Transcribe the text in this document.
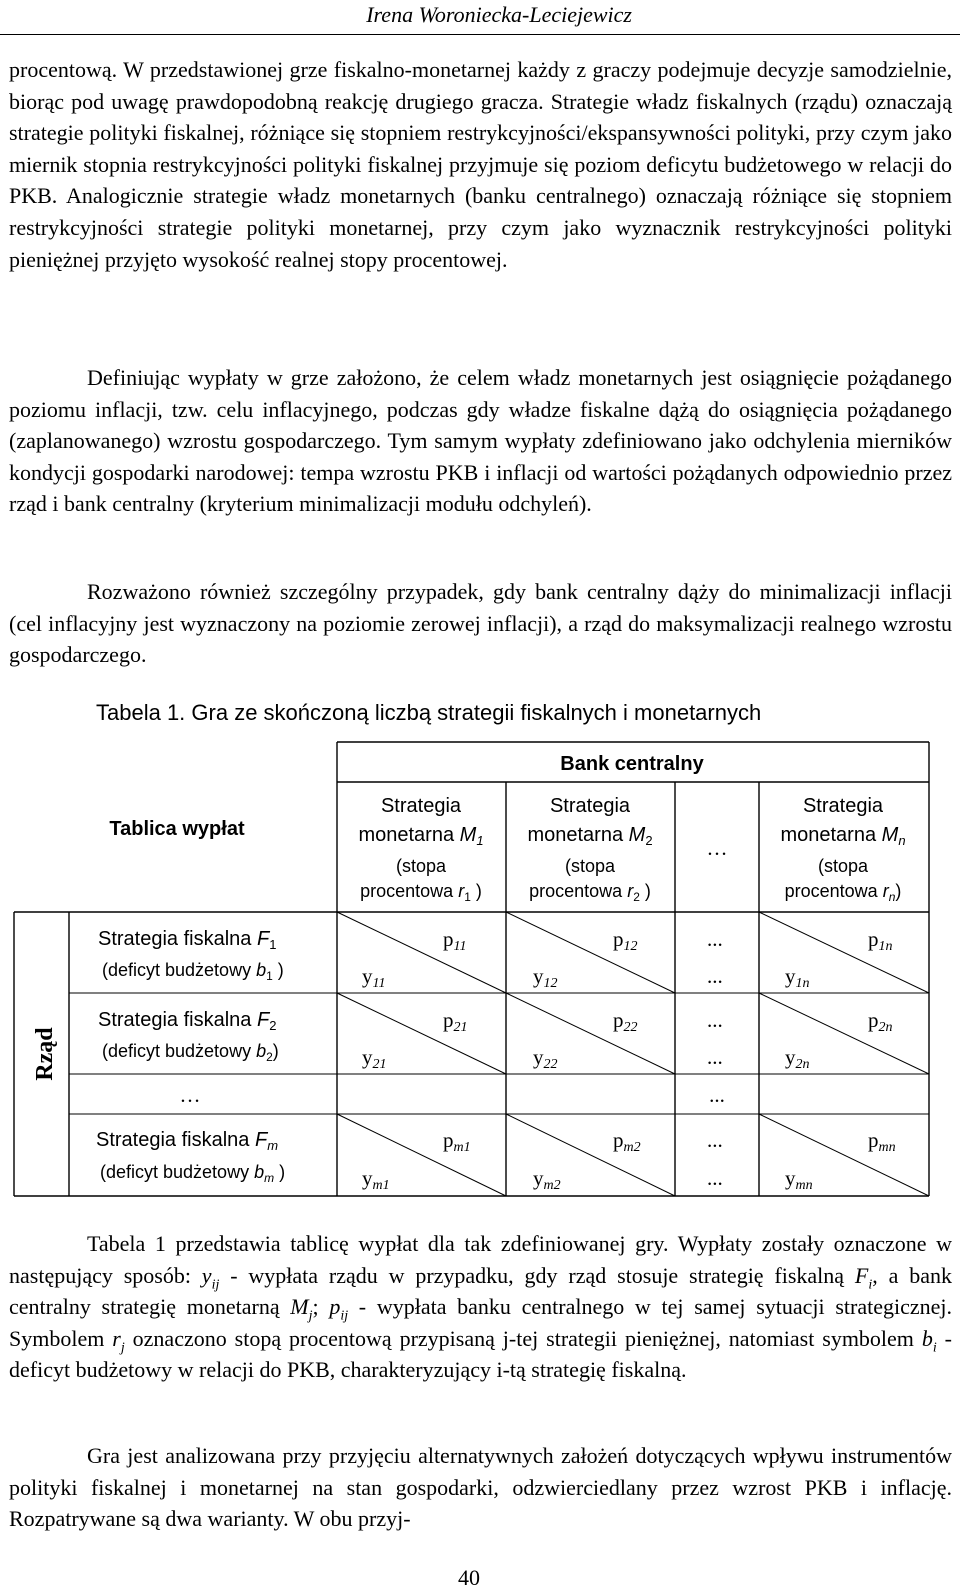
Irena Woroniecka-Leciejewicz

procentową. W przedstawionej grze fiskalno-monetarnej każdy z graczy podejmuje decyzje samodzielnie, biorąc pod uwagę prawdopodobną reakcję drugiego gracza. Strategie władz fiskalnych (rządu) oznaczają strategie polityki fiskalnej, różniące się stopniem restrykcyjności/ekspansywności polityki, przy czym jako miernik stopnia restrykcyjności polityki fiskalnej przyjmuje się poziom deficytu budżetowego w relacji do PKB. Analogicznie strategie władz monetarnych (banku centralnego) oznaczają różniące się stopniem restrykcyjności strategie polityki monetarnej, przy czym jako wyznacznik restrykcyjności polityki pieniężnej przyjęto wysokość realnej stopy procentowej.

Definiując wypłaty w grze założono, że celem władz monetarnych jest osiągnięcie pożądanego poziomu inflacji, tzw. celu inflacyjnego, podczas gdy władze fiskalne dążą do osiągnięcia pożądanego (zaplanowanego) wzrostu gospodarczego. Tym samym wypłaty zdefiniowano jako odchylenia mierników kondycji gospodarki narodowej: tempa wzrostu PKB i inflacji od wartości pożądanych odpowiednio przez rząd i bank centralny (kryterium minimalizacji modułu odchyleń).

Rozważono również szczególny przypadek, gdy bank centralny dąży do minimalizacji inflacji (cel inflacyjny jest wyznaczony na poziomie zerowej inflacji), a rząd do maksymalizacji realnego wzrostu gospodarczego.

Tabela 1. Gra ze skończoną liczbą strategii fiskalnych i monetarnych
Bank centralny
Tablica wypłat
Rząd
Strategia
monetarna $M_1$
(stopa
procentowa $r_1$ )
Strategia
monetarna $M_2$
(stopa
procentowa $r_2$ )
…
Strategia
monetarna $M_n$
(stopa
procentowa $r_n$)
Strategia fiskalna $F_1$
(deficyt budżetowy $b_1$ )
Strategia fiskalna $F_2$
(deficyt budżetowy $b_2$)
…	...
Strategia fiskalna $F_m$
(deficyt budżetowy $b_m$ )
p11
y11
p12
y12
...
...
p1n
y1n
p21
y21
p22
y22
...
...
p2n
y2n
pm1
ym1
pm2
ym2
...
...
pmn
ymn

Tabela 1 przedstawia tablicę wypłat dla tak zdefiniowanej gry. Wypłaty zostały oznaczone w następujący sposób: $y_{ij}$ - wypłata rządu w przypadku, gdy rząd stosuje strategię fiskalną $F_i$, a bank centralny strategię monetarną $M_j$; $p_{ij}$ - wypłata banku centralnego w tej samej sytuacji strategicznej. Symbolem $r_j$ oznaczono stopą procentową przypisaną j-tej strategii pieniężnej, natomiast symbolem $b_i$ - deficyt budżetowy w relacji do PKB, charakteryzujący i-tą strategię fiskalną.

Gra jest analizowana przy przyjęciu alternatywnych założeń dotyczących wpływu instrumentów polityki fiskalnej i monetarnej na stan gospodarki, odzwierciedlany przez wzrost PKB i inflację. Rozpatrywane są dwa warianty. W obu przyj-

40
